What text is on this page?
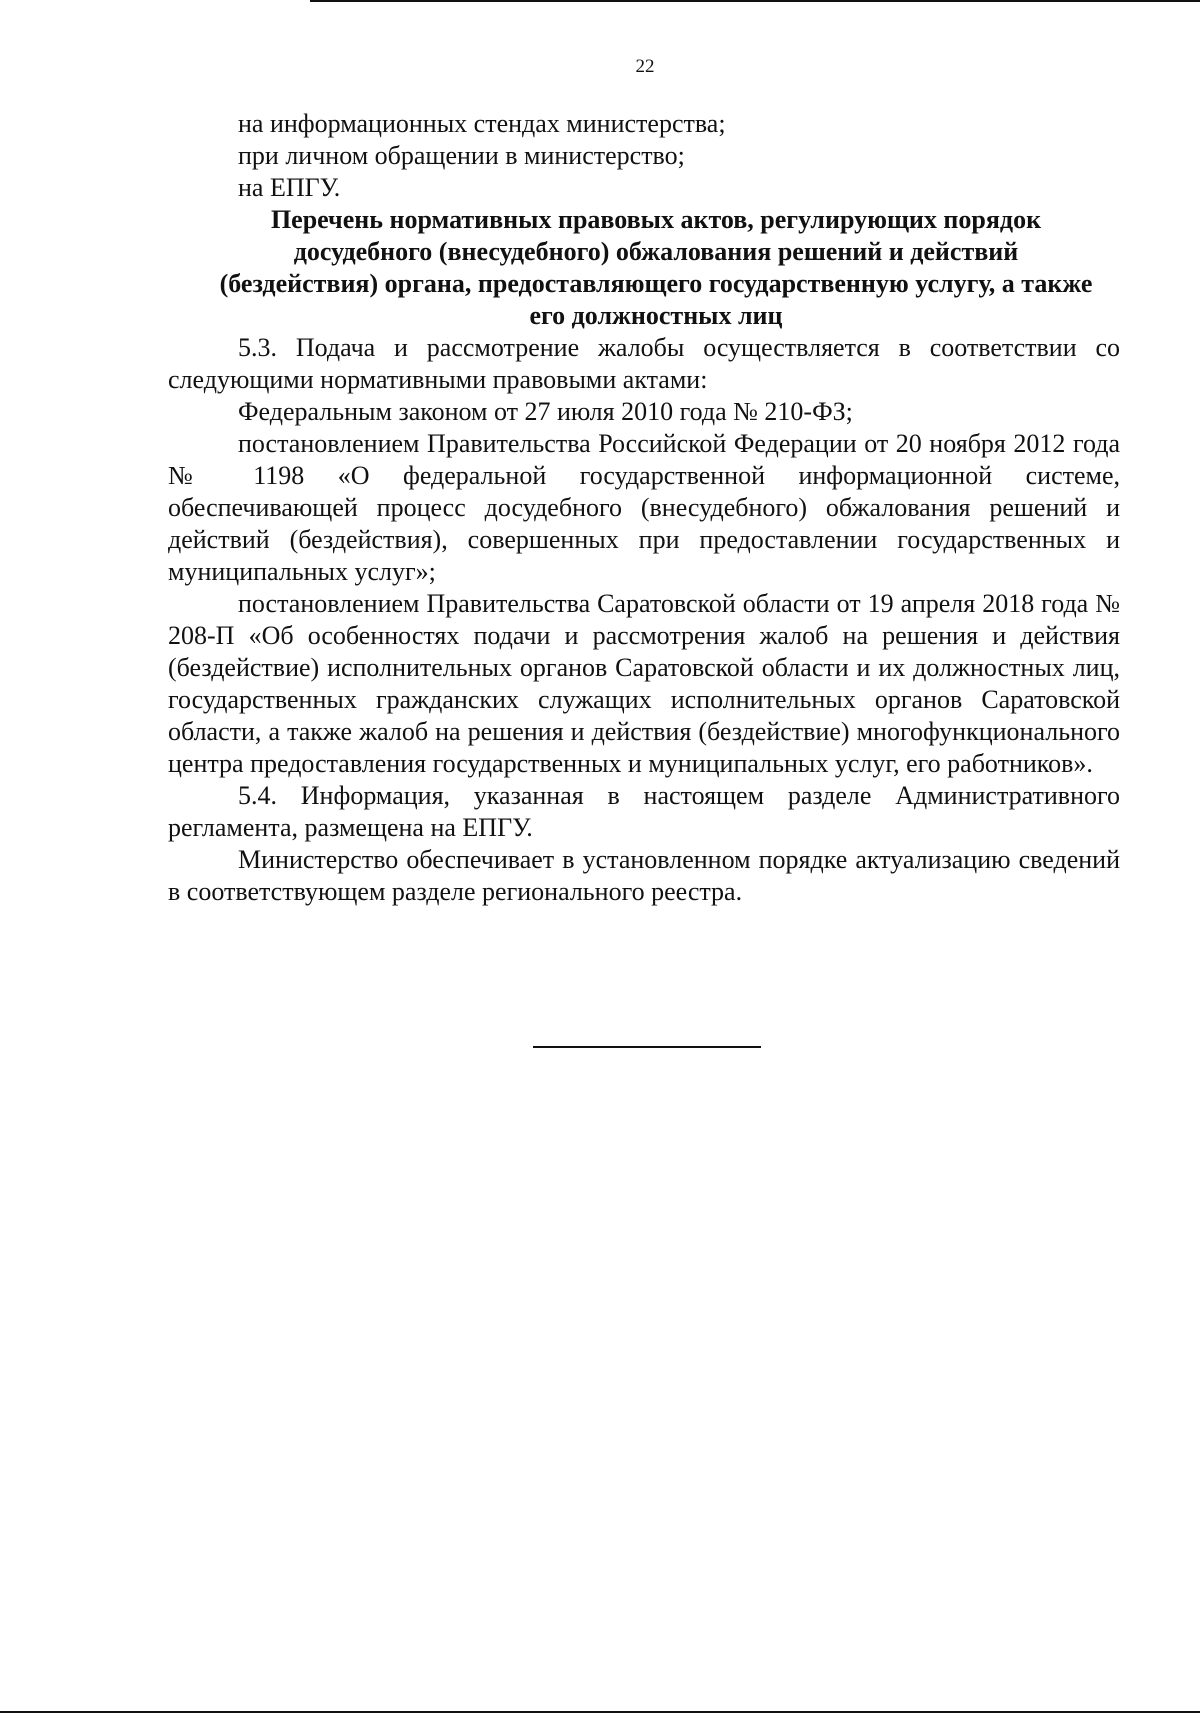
22

на информационных стендах министерства;

при личном обращении в министерство;

на ЕПГУ.

Перечень нормативных правовых актов, регулирующих порядок досудебного (внесудебного) обжалования решений и действий (бездействия) органа, предоставляющего государственную услугу, а также его должностных лиц

5.3. Подача и рассмотрение жалобы осуществляется в соответствии со следующими нормативными правовыми актами:

Федеральным законом от 27 июля 2010 года № 210-ФЗ;

постановлением Правительства Российской Федерации от 20 ноября 2012 года № 1198 «О федеральной государственной информационной системе, обеспечивающей процесс досудебного (внесудебного) обжалования решений и действий (бездействия), совершенных при предоставлении государственных и муниципальных услуг»;

постановлением Правительства Саратовской области от 19 апреля 2018 года № 208-П «Об особенностях подачи и рассмотрения жалоб на решения и действия (бездействие) исполнительных органов Саратовской области и их должностных лиц, государственных гражданских служащих исполнительных органов Саратовской области, а также жалоб на решения и действия (бездействие) многофункционального центра предоставления государственных и муниципальных услуг, его работников».

5.4. Информация, указанная в настоящем разделе Административного регламента, размещена на ЕПГУ.

Министерство обеспечивает в установленном порядке актуализацию сведений в соответствующем разделе регионального реестра.
